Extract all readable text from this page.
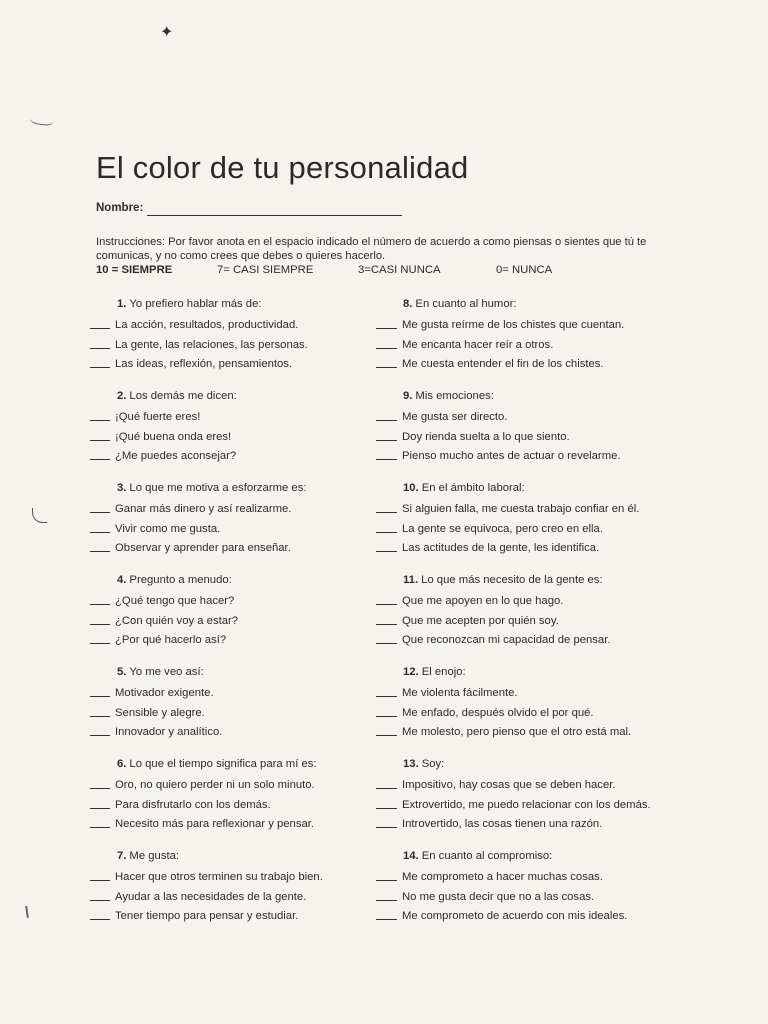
✦
El color de tu personalidad
Nombre:
Instrucciones: Por favor anota en el espacio indicado el número de acuerdo a como piensas o sientes que tú te comunicas, y no como crees que debes o quieres hacerlo.
10 = SIEMPRE	7= CASI SIEMPRE	3=CASI NUNCA	0= NUNCA
1. Yo prefiero hablar más de:
La acción, resultados, productividad.
La gente, las relaciones, las personas.
Las ideas, reflexión, pensamientos.
2. Los demás me dicen:
¡Qué fuerte eres!
¡Qué buena onda eres!
¿Me puedes aconsejar?
3. Lo que me motiva a esforzarme es:
Ganar más dinero y así realizarme.
Vivir como me gusta.
Observar y aprender para enseñar.
4. Pregunto a menudo:
¿Qué tengo que hacer?
¿Con quién voy a estar?
¿Por qué hacerlo así?
5. Yo me veo así:
Motivador exigente.
Sensible y alegre.
Innovador y analítico.
6. Lo que el tiempo significa para mí es:
Oro, no quiero perder ni un solo minuto.
Para disfrutarlo con los demás.
Necesito más para reflexionar y pensar.
7. Me gusta:
Hacer que otros terminen su trabajo bien.
Ayudar a las necesidades de la gente.
Tener tiempo para pensar y estudiar.
8. En cuanto al humor:
Me gusta reírme de los chistes que cuentan.
Me encanta hacer reír a otros.
Me cuesta entender el fin de los chistes.
9. Mis emociones:
Me gusta ser directo.
Doy rienda suelta a lo que siento.
Pienso mucho antes de actuar o revelarme.
10. En el ámbito laboral:
Si alguien falla, me cuesta trabajo confiar en él.
La gente se equivoca, pero creo en ella.
Las actitudes de la gente, les identifica.
11. Lo que más necesito de la gente es:
Que me apoyen en lo que hago.
Que me acepten por quién soy.
Que reconozcan mi capacidad de pensar.
12. El enojo:
Me violenta fácilmente.
Me enfado, después olvido el por qué.
Me molesto, pero pienso que el otro está mal.
13. Soy:
Impositivo, hay cosas que se deben hacer.
Extrovertido, me puedo relacionar con los demás.
Introvertido, las cosas tienen una razón.
14. En cuanto al compromiso:
Me comprometo a hacer muchas cosas.
No me gusta decir que no a las cosas.
Me comprometo de acuerdo con mis ideales.
